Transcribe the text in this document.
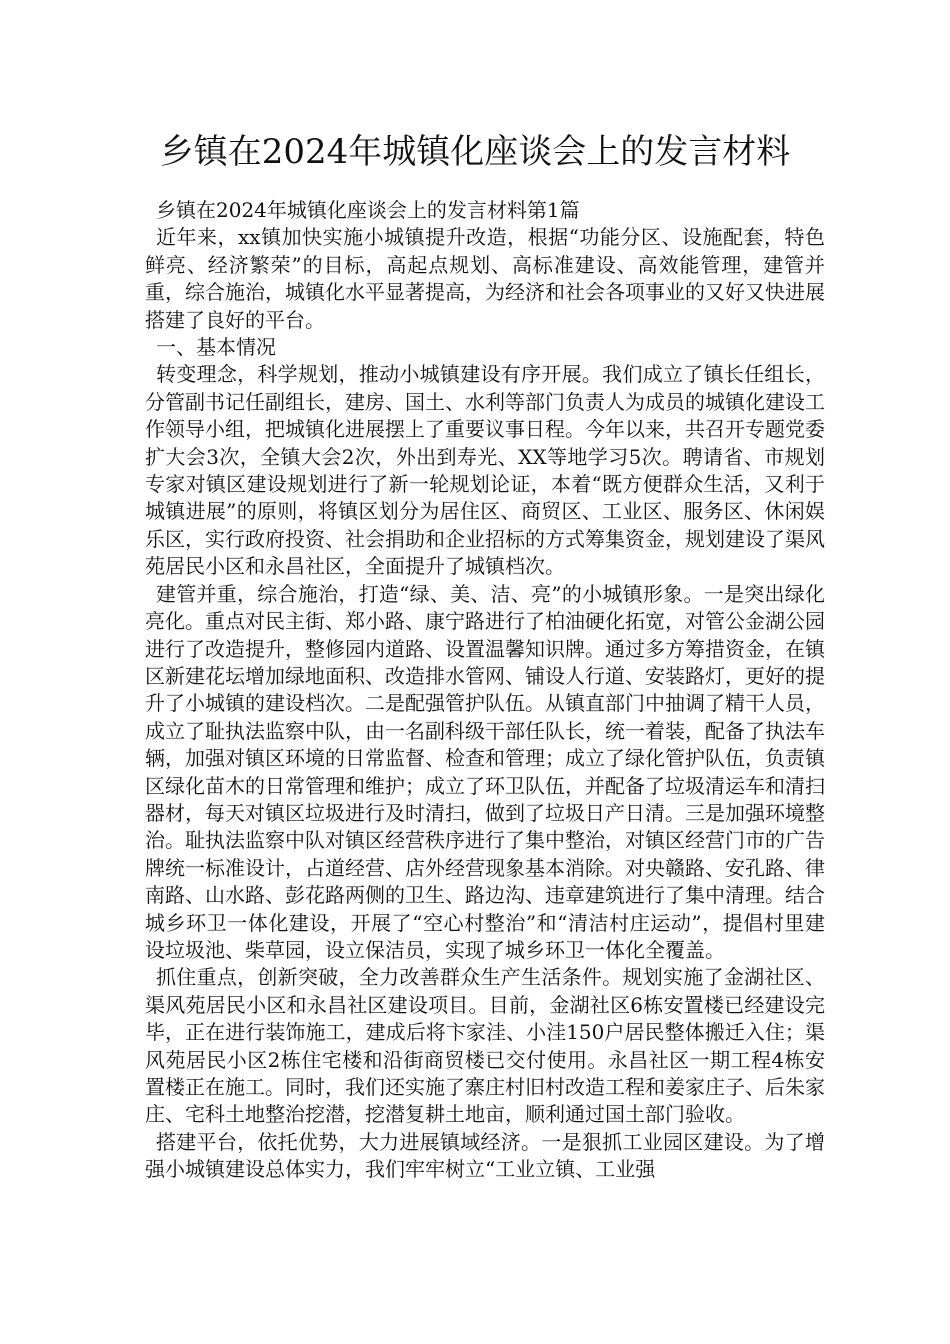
乡镇在2024年城镇化座谈会上的发言材料

乡镇在2024年城镇化座谈会上的发言材料第1篇

近年来，xx镇加快实施小城镇提升改造，根据“功能分区、设施配套，特色鲜亮、经济繁荣”的目标，高起点规划、高标准建设、高效能管理，建管并重，综合施治，城镇化水平显著提高，为经济和社会各项事业的又好又快进展搭建了良好的平台。

一、基本情况

转变理念，科学规划，推动小城镇建设有序开展。我们成立了镇长任组长，分管副书记任副组长，建房、国土、水利等部门负责人为成员的城镇化建设工作领导小组，把城镇化进展摆上了重要议事日程。今年以来，共召开专题党委扩大会3次，全镇大会2次，外出到寿光、XX等地学习5次。聘请省、市规划专家对镇区建设规划进行了新一轮规划论证，本着“既方便群众生活，又利于城镇进展”的原则，将镇区划分为居住区、商贸区、工业区、服务区、休闲娱乐区，实行政府投资、社会捐助和企业招标的方式筹集资金，规划建设了渠风苑居民小区和永昌社区，全面提升了城镇档次。

建管并重，综合施治，打造“绿、美、洁、亮”的小城镇形象。一是突出绿化亮化。重点对民主街、郑小路、康宁路进行了柏油硬化拓宽，对管公金湖公园进行了改造提升，整修园内道路、设置温馨知识牌。通过多方筹措资金，在镇区新建花坛增加绿地面积、改造排水管网、铺设人行道、安装路灯，更好的提升了小城镇的建设档次。二是配强管护队伍。从镇直部门中抽调了精干人员，成立了耻执法监察中队，由一名副科级干部任队长，统一着装，配备了执法车辆，加强对镇区环境的日常监督、检查和管理；成立了绿化管护队伍，负责镇区绿化苗木的日常管理和维护；成立了环卫队伍，并配备了垃圾清运车和清扫器材，每天对镇区垃圾进行及时清扫，做到了垃圾日产日清。三是加强环境整治。耻执法监察中队对镇区经营秩序进行了集中整治，对镇区经营门市的广告牌统一标准设计，占道经营、店外经营现象基本消除。对央赣路、安孔路、律南路、山水路、彭花路两侧的卫生、路边沟、违章建筑进行了集中清理。结合城乡环卫一体化建设，开展了“空心村整治”和“清洁村庄运动”，提倡村里建设垃圾池、柴草园，设立保洁员，实现了城乡环卫一体化全覆盖。

抓住重点，创新突破，全力改善群众生产生活条件。规划实施了金湖社区、渠风苑居民小区和永昌社区建设项目。目前，金湖社区6栋安置楼已经建设完毕，正在进行装饰施工，建成后将卞家洼、小洼150户居民整体搬迁入住；渠风苑居民小区2栋住宅楼和沿街商贸楼已交付使用。永昌社区一期工程4栋安置楼正在施工。同时，我们还实施了寨庄村旧村改造工程和姜家庄子、后朱家庄、宅科土地整治挖潜，挖潜复耕土地亩，顺利通过国土部门验收。

搭建平台，依托优势，大力进展镇域经济。一是狠抓工业园区建设。为了增强小城镇建设总体实力，我们牢牢树立“工业立镇、工业强
